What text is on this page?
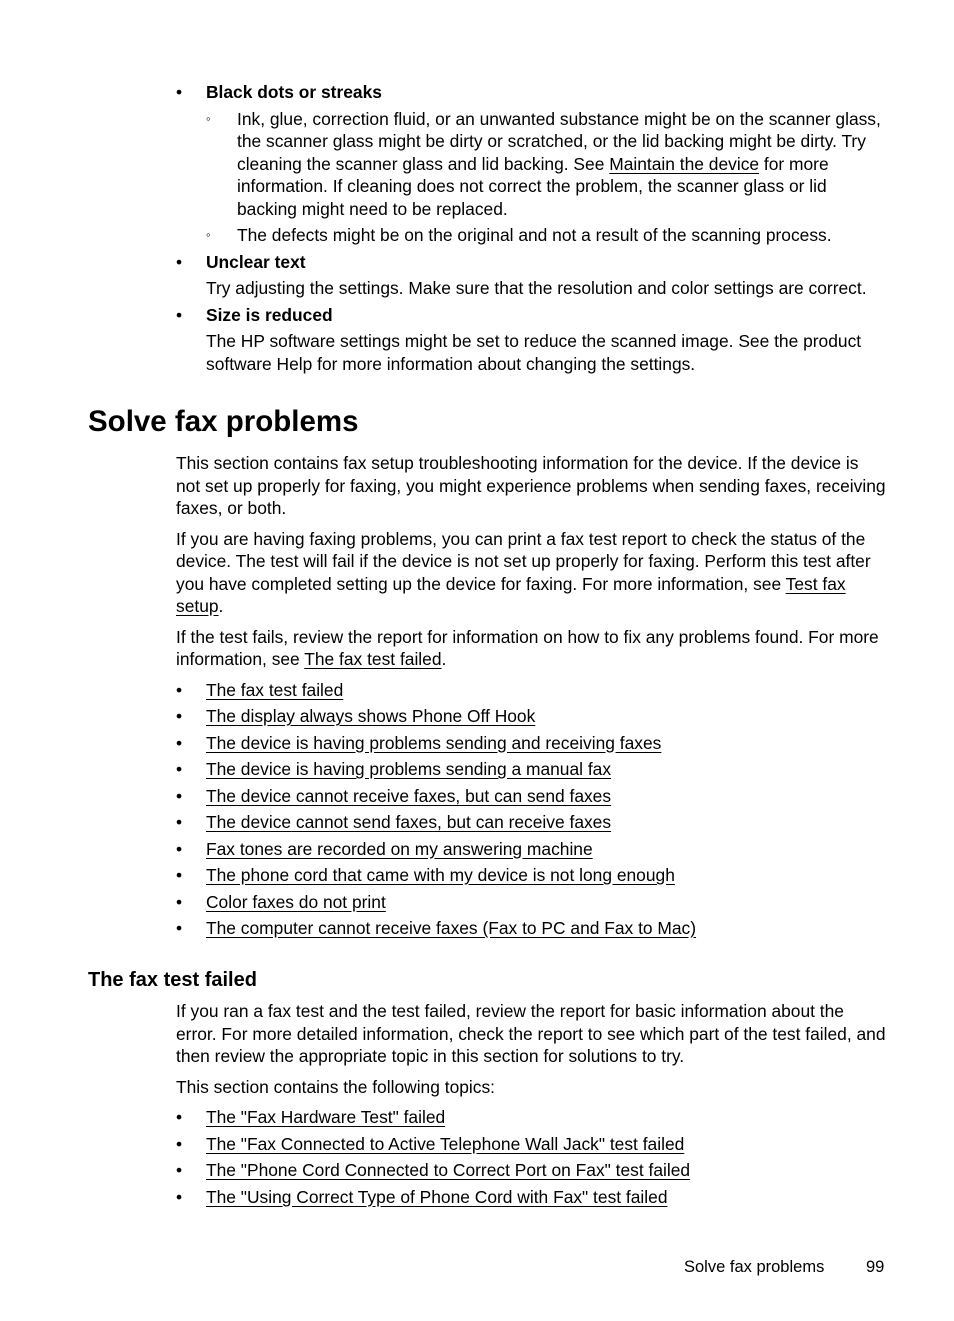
• Black dots or streaks
◦ Ink, glue, correction fluid, or an unwanted substance might be on the scanner glass, the scanner glass might be dirty or scratched, or the lid backing might be dirty. Try cleaning the scanner glass and lid backing. See Maintain the device for more information. If cleaning does not correct the problem, the scanner glass or lid backing might need to be replaced.
◦ The defects might be on the original and not a result of the scanning process.
• Unclear text
Try adjusting the settings. Make sure that the resolution and color settings are correct.
• Size is reduced
The HP software settings might be set to reduce the scanned image. See the product software Help for more information about changing the settings.
Solve fax problems

This section contains fax setup troubleshooting information for the device. If the device is not set up properly for faxing, you might experience problems when sending faxes, receiving faxes, or both.

If you are having faxing problems, you can print a fax test report to check the status of the device. The test will fail if the device is not set up properly for faxing. Perform this test after you have completed setting up the device for faxing. For more information, see Test fax setup.

If the test fails, review the report for information on how to fix any problems found. For more information, see The fax test failed.

• The fax test failed
• The display always shows Phone Off Hook
• The device is having problems sending and receiving faxes
• The device is having problems sending a manual fax
• The device cannot receive faxes, but can send faxes
• The device cannot send faxes, but can receive faxes
• Fax tones are recorded on my answering machine
• The phone cord that came with my device is not long enough
• Color faxes do not print
• The computer cannot receive faxes (Fax to PC and Fax to Mac)
The fax test failed

If you ran a fax test and the test failed, review the report for basic information about the error. For more detailed information, check the report to see which part of the test failed, and then review the appropriate topic in this section for solutions to try.

This section contains the following topics:

• The "Fax Hardware Test" failed
• The "Fax Connected to Active Telephone Wall Jack" test failed
• The "Phone Cord Connected to Correct Port on Fax" test failed
• The "Using Correct Type of Phone Cord with Fax" test failed
Solve fax problems	99
